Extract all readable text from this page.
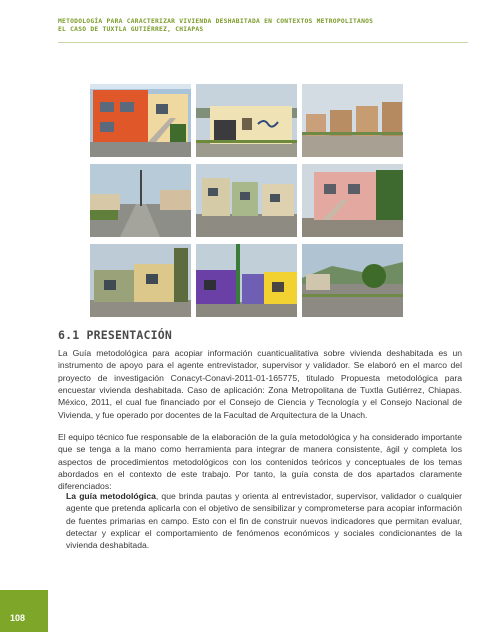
METODOLOGÍA PARA CARACTERIZAR VIVIENDA DESHABITADA EN CONTEXTOS METROPOLITANOS
EL CASO DE TUXTLA GUTIÉRREZ, CHIAPAS
6.1 PRESENTACIÓN

La Guía metodológica para acopiar información cuanticualitativa sobre vivienda deshabitada es un instrumento de apoyo para el agente entrevistador, supervisor y validador. Se elaboró en el marco del proyecto de investigación Conacyt-Conavi-2011-01-165775, titulado Propuesta metodológica para encuestar vivienda deshabitada. Caso de aplicación: Zona Metropolitana de Tuxtla Gutiérrez, Chiapas. México, 2011, el cual fue financiado por el Consejo de Ciencia y Tecnología y el Consejo Nacional de Vivienda, y fue operado por docentes de la Facultad de Arquitectura de la Unach.

El equipo técnico fue responsable de la elaboración de la guía metodológica y ha considerado importante que se tenga a la mano como herramienta para integrar de manera consistente, ágil y completa los aspectos de procedimientos metodológicos con los contenidos teóricos y conceptuales de los temas abordados en el contexto de este trabajo. Por tanto, la guía consta de dos apartados claramente diferenciados:

La guía metodológica, que brinda pautas y orienta al entrevistador, supervisor, validador o cualquier agente que pretenda aplicarla con el objetivo de sensibilizar y comprometerse para acopiar información de fuentes primarias en campo. Esto con el fin de construir nuevos indicadores que permitan evaluar, detectar y explicar el comportamiento de fenómenos económicos y sociales condicionantes de la vivienda deshabitada.
108
